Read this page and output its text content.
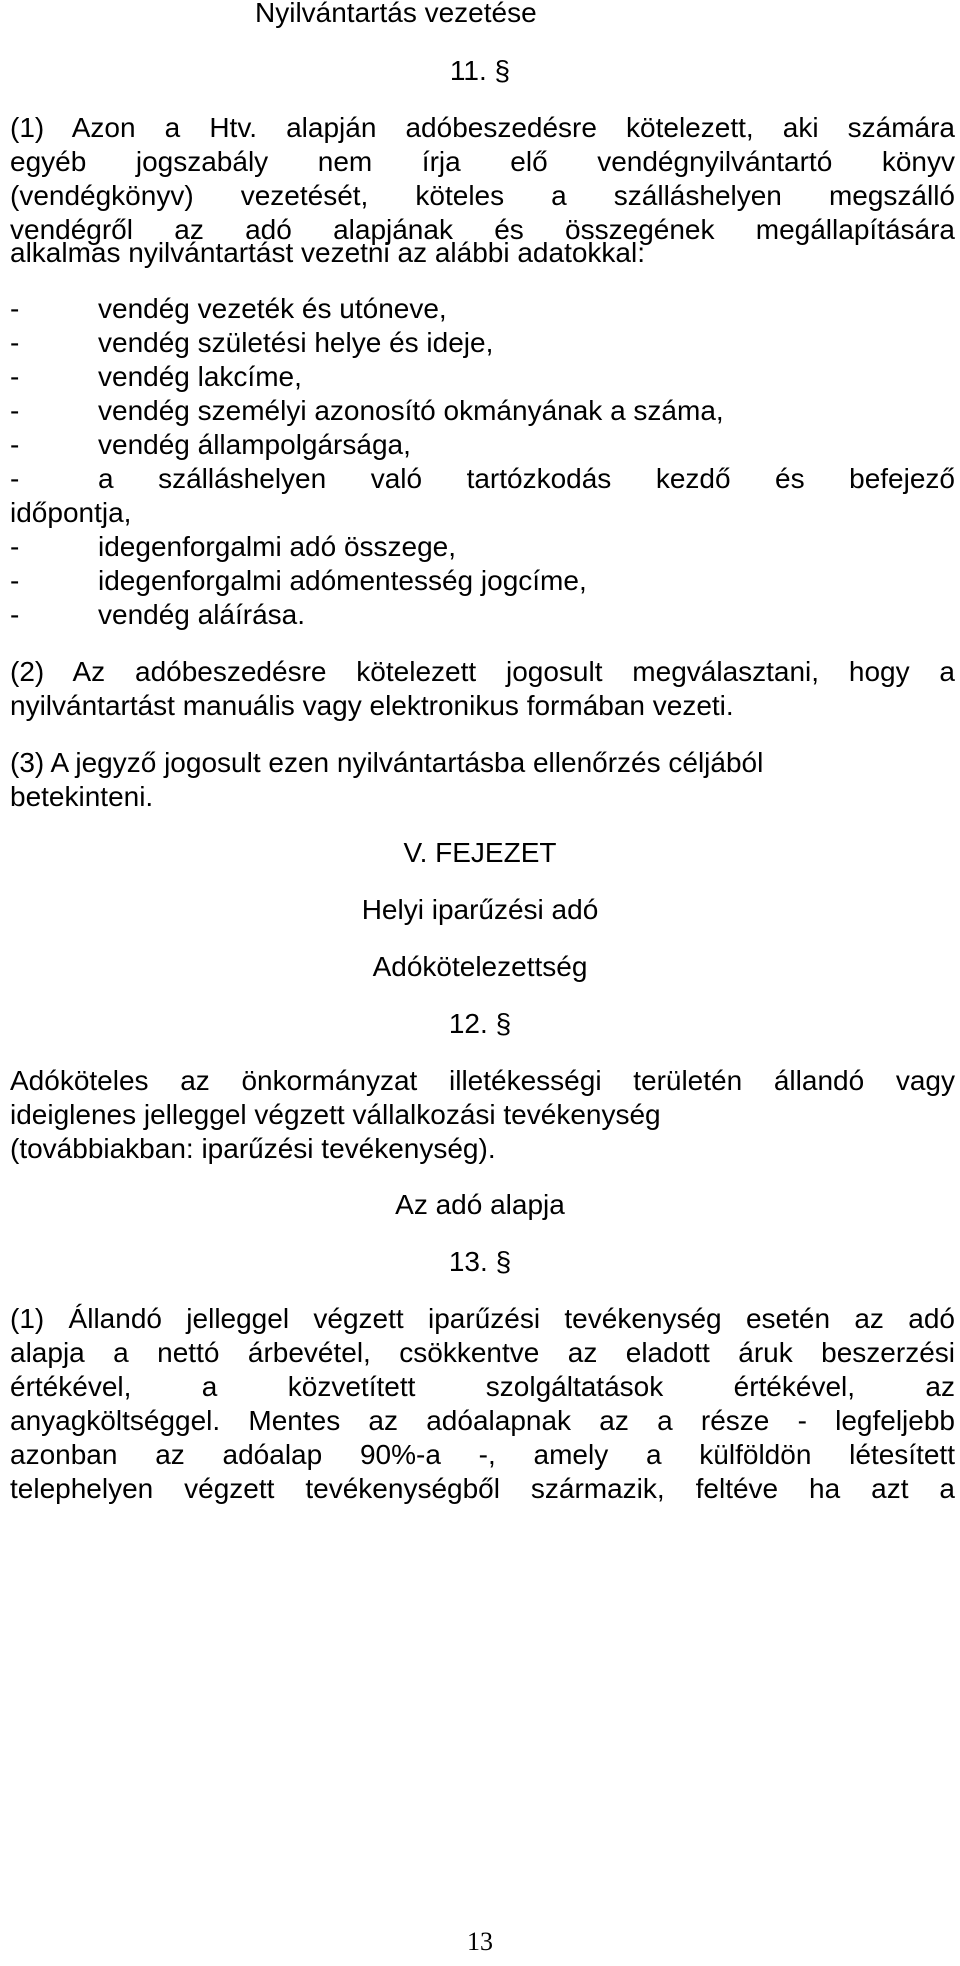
Nyilvántartás vezetése
11. §
(1) Azon a Htv. alapján adóbeszedésre kötelezett, aki számára
egyéb jogszabály nem írja elő vendégnyilvántartó könyv
(vendégkönyv) vezetését, köteles a szálláshelyen megszálló
vendégről az adó alapjának és összegének megállapítására
alkalmas nyilvántartást vezetni az alábbi adatokkal:
-	vendég vezeték és utóneve,
-	vendég születési helye és ideje,
-	vendég lakcíme,
-	vendég személyi azonosító okmányának a száma,
-	vendég állampolgársága,
-	a szálláshelyen való tartózkodás kezdő és befejező
időpontja,
-	idegenforgalmi adó összege,
-	idegenforgalmi adómentesség jogcíme,
-	vendég aláírása.
(2) Az adóbeszedésre kötelezett jogosult megválasztani, hogy a
nyilvántartást manuális vagy elektronikus formában vezeti.
(3) A jegyző jogosult ezen nyilvántartásba ellenőrzés céljából
betekinteni.
V. FEJEZET
Helyi iparűzési adó
Adókötelezettség
12. §
Adóköteles az önkormányzat illetékességi területén állandó vagy
ideiglenes jelleggel végzett vállalkozási tevékenység
(továbbiakban: iparűzési tevékenység).
Az adó alapja
13. §
(1) Állandó jelleggel végzett iparűzési tevékenység esetén az adó
alapja a nettó árbevétel, csökkentve az eladott áruk beszerzési
értékével, a közvetített szolgáltatások értékével, az
anyagköltséggel. Mentes az adóalapnak az a része - legfeljebb
azonban az adóalap 90%-a -, amely a külföldön létesített
telephelyen végzett tevékenységből származik, feltéve ha azt a
13
